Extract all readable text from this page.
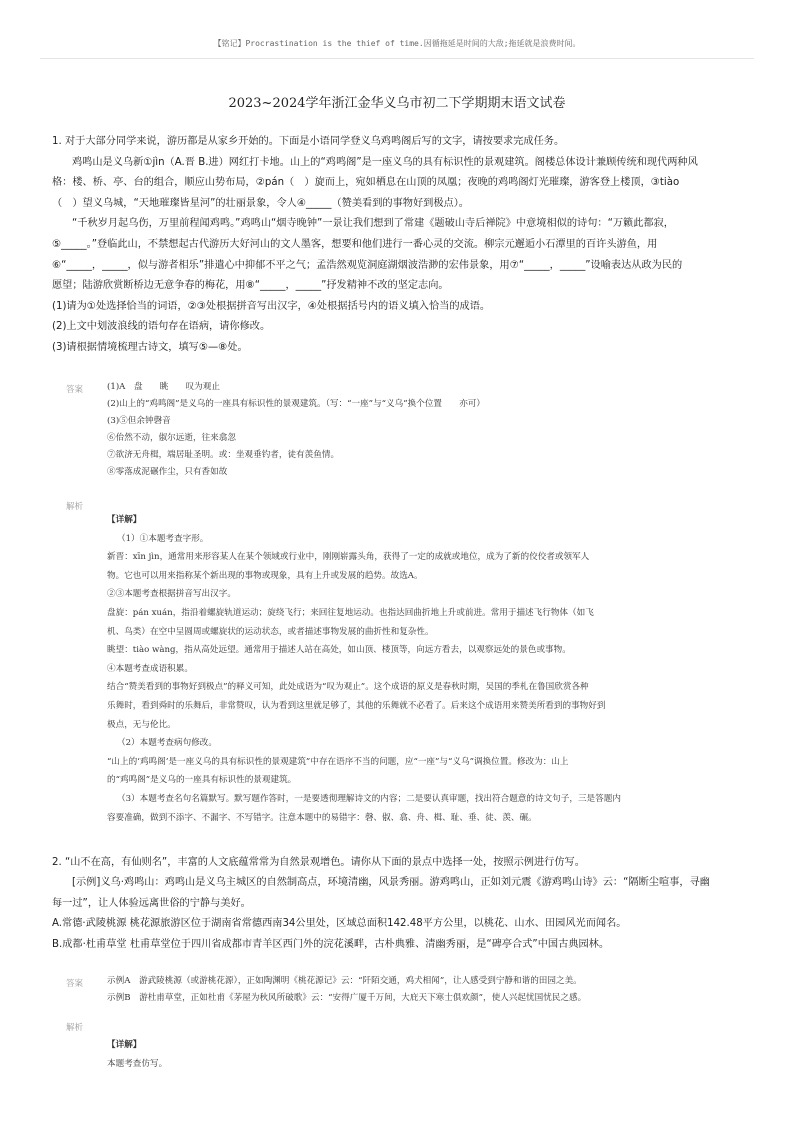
【铭记】Procrastination is the thief of time.因循拖延是时间的大敌;拖延就是浪费时间。
2023~2024学年浙江金华义乌市初二下学期期末语文试卷

1. 对于大部分同学来说，游历都是从家乡开始的。下面是小语同学登义乌鸡鸣阁后写的文字，请按要求完成任务。

鸡鸣山是义乌新①jìn（A.晋 B.进）网红打卡地。山上的“鸡鸣阁”是一座义乌的具有标识性的景观建筑。阁楼总体设计兼顾传统和现代两种风

格：楼、桥、亭、台的组合，顺应山势布局，②pán（　）旋而上，宛如栖息在山顶的凤凰；夜晚的鸡鸣阁灯光璀璨，游客登上楼顶，③tiào

（　）望义乌城，“天地璀璨皆星河”的壮丽景象，令人④_____（赞美看到的事物好到极点）。

“千秋岁月起乌伤，万里前程闻鸡鸣。”鸡鸣山“烟寺晚钟”一景让我们想到了常建《题破山寺后禅院》中意境相似的诗句：“万籁此都寂，

⑤_____。”登临此山，不禁想起古代游历大好河山的文人墨客，想要和他们进行一番心灵的交流。柳宗元邂逅小石潭里的百许头游鱼，用

⑥“_____，_____，似与游者相乐”排遣心中抑郁不平之气；孟浩然观览洞庭湖烟波浩渺的宏伟景象，用⑦“_____，_____”设喻表达从政为民的

愿望；陆游欣赏断桥边无意争春的梅花，用⑧“_____，_____”抒发精神不改的坚定志向。

(1)请为①处选择恰当的词语，②③处根据拼音写出汉字，④处根据括号内的语义填入恰当的成语。

(2)上文中划波浪线的语句存在语病，请你修改。

(3)请根据情境梳理古诗文，填写⑤—⑧处。

答案	(1)A　盘　　眺　　叹为观止

(2)山上的“鸡鸣阁”是义乌的一座具有标识性的景观建筑。（写：“一座”与“义乌”换个位置　　亦可）

(3)⑤但余钟磬音

⑥佁然不动，俶尔远逝，往来翕忽

⑦欲济无舟楫，端居耻圣明。或：坐观垂钓者，徒有羡鱼情。

⑧零落成泥碾作尘，只有香如故

解析

【详解】

（1）①本题考查字形。

新晋：xīn jìn，通常用来形容某人在某个领域或行业中，刚刚崭露头角，获得了一定的成就或地位，成为了新的佼佼者或领军人

物。它也可以用来指称某个新出现的事物或现象，具有上升或发展的趋势。故选A。

②③本题考查根据拼音写出汉字。

盘旋：pán xuán，指沿着螺旋轨道运动；旋绕飞行；来回往复地运动。也指达回曲折地上升或前进。常用于描述飞行物体（如飞

机、鸟类）在空中呈圆周或螺旋状的运动状态，或者描述事物发展的曲折性和复杂性。

眺望：tiào wàng，指从高处远望。通常用于描述人站在高处，如山顶、楼顶等，向远方看去，以观察远处的景色或事物。

④本题考查成语积累。

结合“赞美看到的事物好到极点”的释义可知，此处成语为“叹为观止”。这个成语的原义是春秋时期，吴国的季札在鲁国欣赏各种

乐舞时，看到舜时的乐舞后，非常赞叹，认为看到这里就足够了，其他的乐舞就不必看了。后来这个成语用来赞美所看到的事物好到

极点，无与伦比。

（2）本题考查病句修改。

“山上的‘鸡鸣阁’是一座义乌的具有标识性的景观建筑”中存在语序不当的问题，应“一座”与“义乌”调换位置。修改为：山上

的“鸡鸣阁”是义乌的一座具有标识性的景观建筑。

（3）本题考查名句名篇默写。默写题作答时，一是要透彻理解诗文的内容；二是要认真审题，找出符合题意的诗文句子，三是答题内

容要准确，做到不添字、不漏字、不写错字。注意本题中的易错字：磬、俶、翕、舟、楫、耻、垂、徒、羡、碾。

2. “山不在高，有仙则名”，丰富的人文底蕴常常为自然景观增色。请你从下面的景点中选择一处，按照示例进行仿写。

[示例]义乌·鸡鸣山：鸡鸣山是义乌主城区的自然制高点，环境清幽，风景秀丽。游鸡鸣山，正如刘元震《游鸡鸣山诗》云：“隔断尘喧事，寻幽

每一过”，让人体验远离世俗的宁静与美好。

A.常德·武陵桃源 桃花源旅游区位于湖南省常德西南34公里处，区域总面积142.48平方公里，以桃花、山水、田园风光而闻名。

B.成都·杜甫草堂 杜甫草堂位于四川省成都市青羊区西门外的浣花溪畔，古朴典雅、清幽秀丽，是“碑亭合式”中国古典园林。

答案	示例A　游武陵桃源（或游桃花源），正如陶渊明《桃花源记》云：“阡陌交通，鸡犬相闻”，让人感受到宁静和谐的田园之美。

示例B　游杜甫草堂，正如杜甫《茅屋为秋风所破歌》云：“安得广厦千万间，大庇天下寒士俱欢颜”，使人兴起忧国忧民之感。

解析

【详解】

本题考查仿写。
